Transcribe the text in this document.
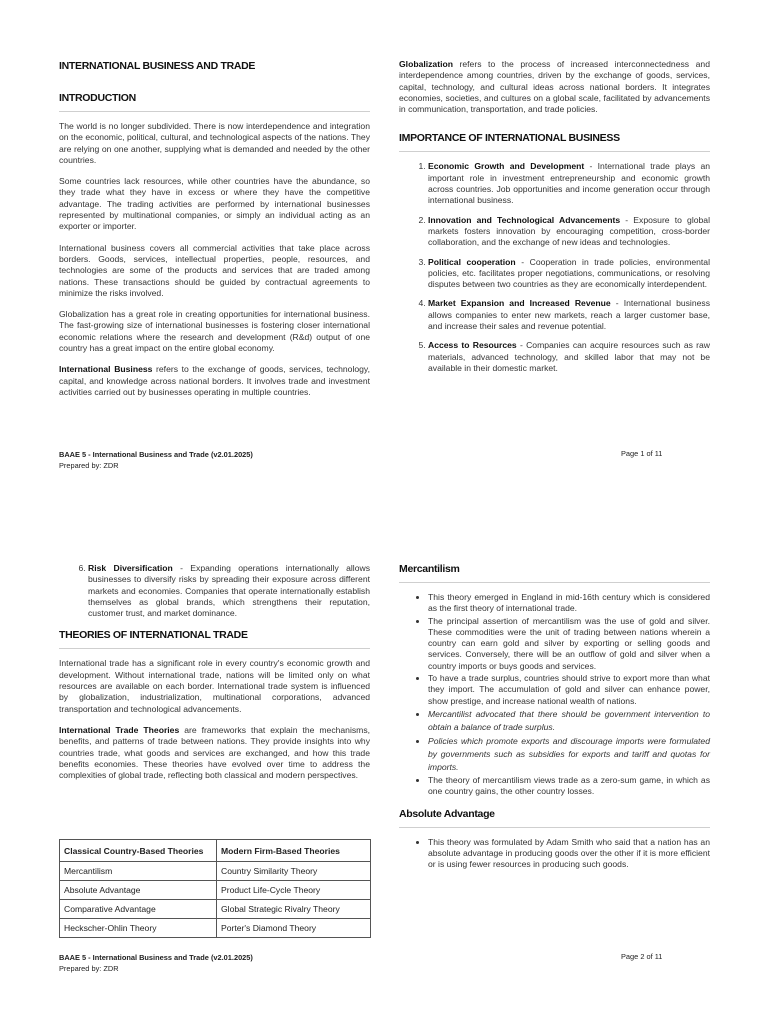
INTERNATIONAL BUSINESS AND TRADE
INTRODUCTION

The world is no longer subdivided. There is now interdependence and integration on the economic, political, cultural, and technological aspects of the nations. They are relying on one another, supplying what is demanded and needed by the other countries.

Some countries lack resources, while other countries have the abundance, so they trade what they have in excess or where they have the competitive advantage. The trading activities are performed by international businesses represented by multinational companies, or simply an individual acting as an exporter or importer.

International business covers all commercial activities that take place across borders. Goods, services, intellectual properties, people, resources, and technologies are some of the products and services that are traded among nations. These transactions should be guided by contractual agreements to minimize the risks involved.

Globalization has a great role in creating opportunities for international business. The fast-growing size of international businesses is fostering closer international economic relations where the research and development (R&d) output of one country has a great impact on the entire global economy.

International Business refers to the exchange of goods, services, technology, capital, and knowledge across national borders. It involves trade and investment activities carried out by businesses operating in multiple countries.

Globalization refers to the process of increased interconnectedness and interdependence among countries, driven by the exchange of goods, services, capital, technology, and cultural ideas across national borders. It integrates economies, societies, and cultures on a global scale, facilitated by advancements in communication, transportation, and trade policies.

IMPORTANCE OF INTERNATIONAL BUSINESS
1. Economic Growth and Development - International trade plays an important role in investment entrepreneurship and economic growth across countries. Job opportunities and income generation occur through international business.
2. Innovation and Technological Advancements - Exposure to global markets fosters innovation by encouraging competition, cross-border collaboration, and the exchange of new ideas and technologies.
3. Political cooperation - Cooperation in trade policies, environmental policies, etc. facilitates proper negotiations, communications, or resolving disputes between two countries as they are economically interdependent.
4. Market Expansion and Increased Revenue - International business allows companies to enter new markets, reach a larger customer base, and increase their sales and revenue potential.
5. Access to Resources - Companies can acquire resources such as raw materials, advanced technology, and skilled labor that may not be available in their domestic market.
BAAE 5 - International Business and Trade (v2.01.2025)
Prepared by: ZDR
Page 1 of 11
6. Risk Diversification - Expanding operations internationally allows businesses to diversify risks by spreading their exposure across different markets and economies. Companies that operate internationally establish themselves as global brands, which strengthens their reputation, customer trust, and market dominance.
THEORIES OF INTERNATIONAL TRADE

International trade has a significant role in every country's economic growth and development. Without international trade, nations will be limited only on what resources are available on each border. International trade system is influenced by globalization, industrialization, multinational corporations, advanced transportation and technological advancements.

International Trade Theories are frameworks that explain the mechanisms, benefits, and patterns of trade between nations. They provide insights into why countries trade, what goods and services are exchanged, and how this trade benefits economies. These theories have evolved over time to address the complexities of global trade, reflecting both classical and modern perspectives.

Classical Country-Based Theories	Modern Firm-Based Theories
Mercantilism	Country Similarity Theory
Absolute Advantage	Product Life-Cycle Theory
Comparative Advantage	Global Strategic Rivalry Theory
Heckscher-Ohlin Theory	Porter's Diamond Theory
Mercantilism
• This theory emerged in England in mid-16th century which is considered as the first theory of international trade.
• The principal assertion of mercantilism was the use of gold and silver. These commodities were the unit of trading between nations wherein a country can earn gold and silver by exporting or selling goods and services. Conversely, there will be an outflow of gold and silver when a country imports or buys goods and services.
• To have a trade surplus, countries should strive to export more than what they import. The accumulation of gold and silver can enhance power, show prestige, and increase national wealth of nations.
• Mercantilist advocated that there should be government intervention to obtain a balance of trade surplus.
• Policies which promote exports and discourage imports were formulated by governments such as subsidies for exports and tariff and quotas for imports.
• The theory of mercantilism views trade as a zero-sum game, in which as one country gains, the other country losses.
Absolute Advantage
• This theory was formulated by Adam Smith who said that a nation has an absolute advantage in producing goods over the other if it is more efficient or is using fewer resources in producing such goods.
BAAE 5 - International Business and Trade (v2.01.2025)
Prepared by: ZDR
Page 2 of 11
